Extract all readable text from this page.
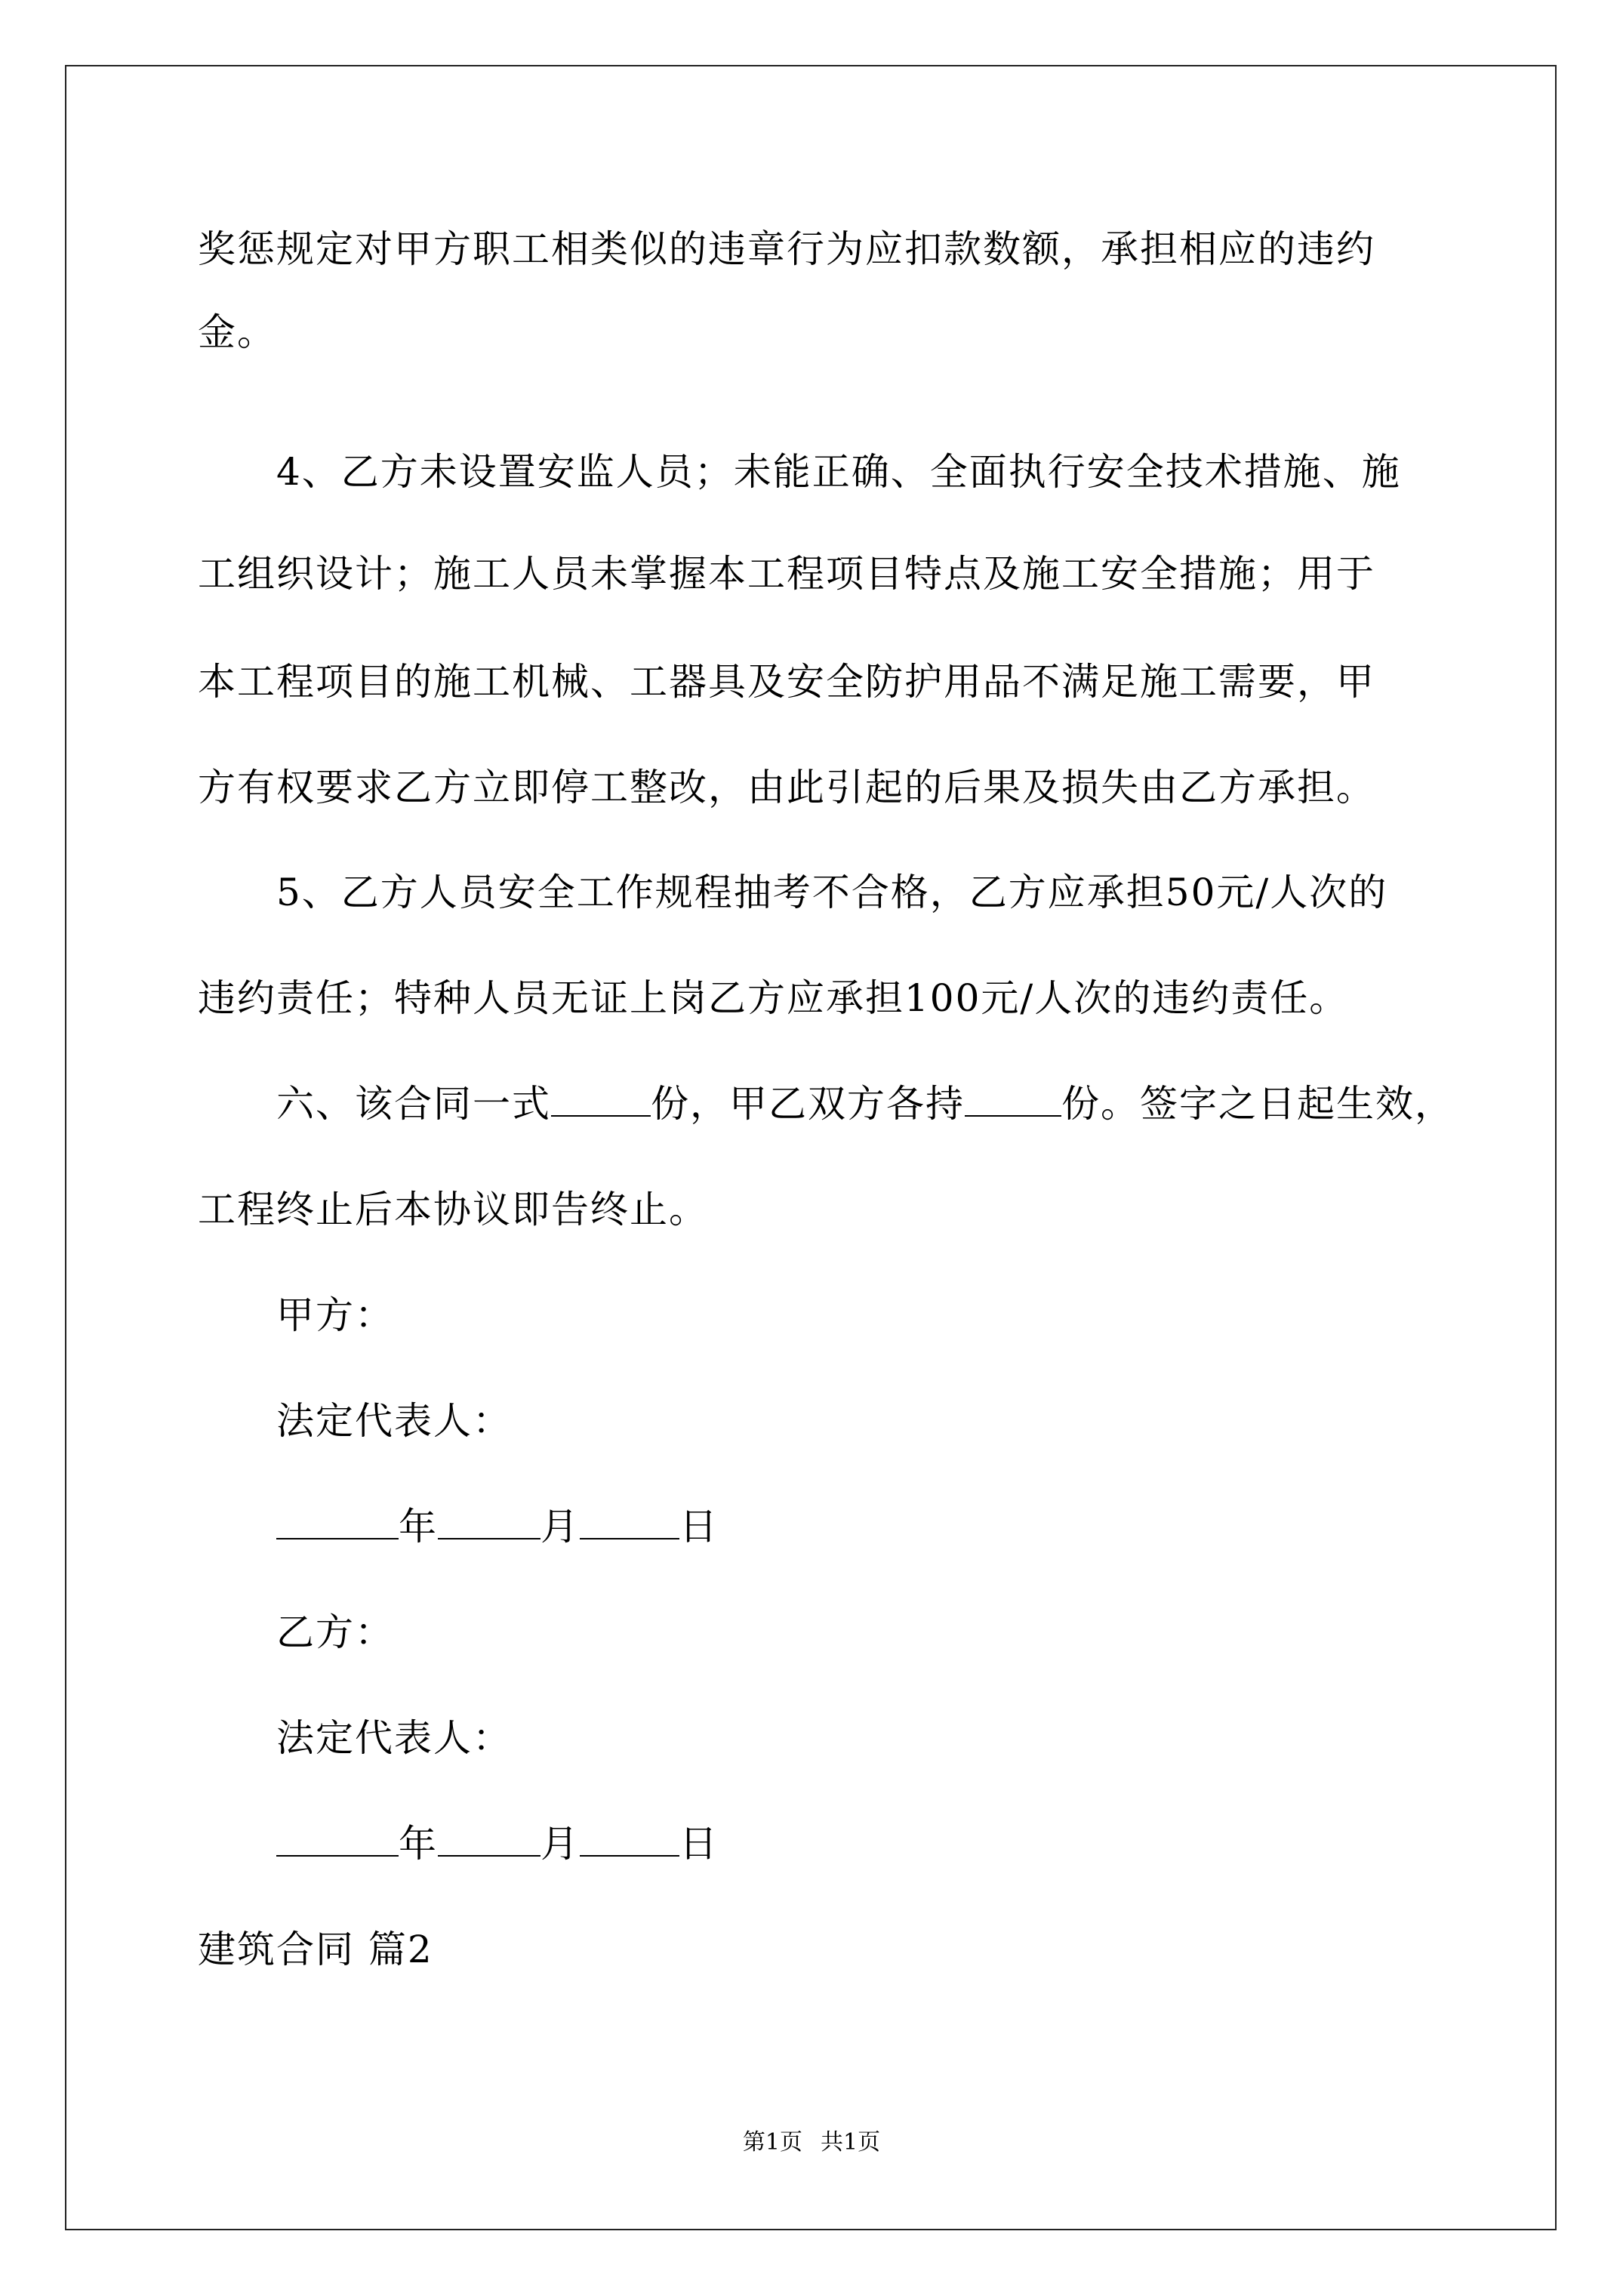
奖惩规定对甲方职工相类似的违章行为应扣款数额，承担相应的违约
金。
4、乙方未设置安监人员；未能正确、全面执行安全技术措施、施
工组织设计；施工人员未掌握本工程项目特点及施工安全措施；用于
本工程项目的施工机械、工器具及安全防护用品不满足施工需要，甲
方有权要求乙方立即停工整改，由此引起的后果及损失由乙方承担。
5、乙方人员安全工作规程抽考不合格，乙方应承担50元/人次的
违约责任；特种人员无证上岗乙方应承担100元/人次的违约责任。
六、该合同一式	份，甲乙双方各持	份。签字之日起生效，
工程终止后本协议即告终止。
甲方：
法定代表人：
年	月	日
乙方：
法定代表人：
年	月	日
建筑合同 篇2
第1页 共1页
